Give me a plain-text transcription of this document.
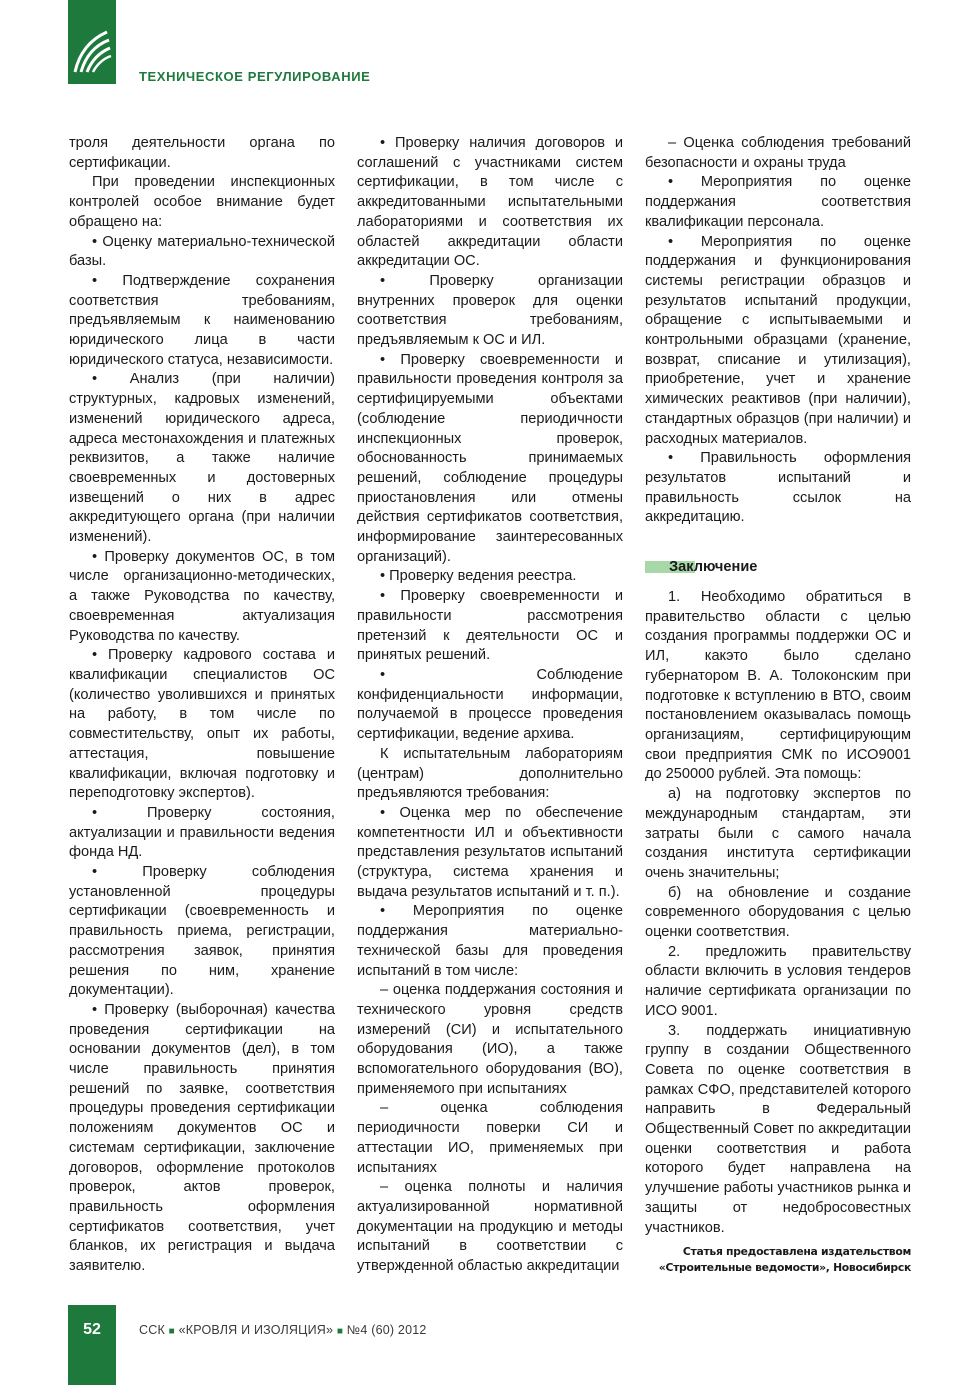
ТЕХНИЧЕСКОЕ РЕГУЛИРОВАНИЕ

троля деятельности органа по сертификации.

При проведении инспекционных контролей особое внимание будет обращено на:

• Оценку материально-технической базы.

• Подтверждение сохранения соответствия требованиям, предъявляемым к наименованию юридического лица в части юридического статуса, независимости.

• Анализ (при наличии) структурных, кадровых изменений, изменений юридического адреса, адреса местонахождения и платежных реквизитов, а также наличие своевременных и достоверных извещений о них в адрес аккредитующего органа (при наличии изменений).

• Проверку документов ОС, в том числе организационно-методических, а также Руководства по качеству, своевременная актуализация Руководства по качеству.

• Проверку кадрового состава и квалификации специалистов ОС (количество уволившихся и принятых на работу, в том числе по совместительству, опыт их работы, аттестация, повышение квалификации, включая подготовку и переподготовку экспертов).

• Проверку состояния, актуализации и правильности ведения фонда НД.

• Проверку соблюдения установленной процедуры сертификации (своевременность и правильность приема, регистрации, рассмотрения заявок, принятия решения по ним, хранение документации).

• Проверку (выборочная) качества проведения сертификации на основании документов (дел), в том числе правильность принятия решений по заявке, соответствия процедуры проведения сертификации положениям документов ОС и системам сертификации, заключение договоров, оформление протоколов проверок, актов проверок, правильность оформления сертификатов соответствия, учет бланков, их регистрация и выдача заявителю.

• Проверку наличия договоров и соглашений с участниками систем сертификации, в том числе с аккредитованными испытательными лабораториями и соответствия их областей аккредитации области аккредитации ОС.

• Проверку организации внутренних проверок для оценки соответствия требованиям, предъявляемым к ОС и ИЛ.

• Проверку своевременности и правильности проведения контроля за сертифицируемыми объектами (соблюдение периодичности инспекционных проверок, обоснованность принимаемых решений, соблюдение процедуры приостановления или отмены действия сертификатов соответствия, информирование заинтересованных организаций).

• Проверку ведения реестра.

• Проверку своевременности и правильности рассмотрения претензий к деятельности ОС и принятых решений.

• Соблюдение конфиденциальности информации, получаемой в процессе проведения сертификации, ведение архива.

К испытательным лабораториям (центрам) дополнительно предъявляются требования:

• Оценка мер по обеспечение компетентности ИЛ и объективности представления результатов испытаний (структура, система хранения и выдача результатов испытаний и т. п.).

• Мероприятия по оценке поддержания материально-технической базы для проведения испытаний в том числе:

– оценка поддержания состояния и технического уровня средств измерений (СИ) и испытательного оборудования (ИО), а также вспомогательного оборудования (ВО), применяемого при испытаниях

– оценка соблюдения периодичности поверки СИ и аттестации ИО, применяемых при испытаниях

– оценка полноты и наличия актуализированной нормативной документации на продукцию и методы испытаний в соответствии с утвержденной областью аккредитации

– Оценка соблюдения требований безопасности и охраны труда

• Мероприятия по оценке поддержания соответствия квалификации персонала.

• Мероприятия по оценке поддержания и функционирования системы регистрации образцов и результатов испытаний продукции, обращение с испытываемыми и контрольными образцами (хранение, возврат, списание и утилизация), приобретение, учет и хранение химических реактивов (при наличии), стандартных образцов (при наличии) и расходных материалов.

• Правильность оформления результатов испытаний и правильность ссылок на аккредитацию.

Заключение

1. Необходимо обратиться в правительство области с целью создания программы поддержки ОС и ИЛ, какэто было сделано губернатором В. А. Толоконским при подготовке к вступлению в ВТО, своим постановлением оказывалась помощь организациям, сертифицирующим свои предприятия СМК по ИСО9001 до 250000 рублей. Эта помощь:

а) на подготовку экспертов по международным стандартам, эти затраты были с самого начала создания института сертификации очень значительны;

б) на обновление и создание современного оборудования с целью оценки соответствия.

2. предложить правительству области включить в условия тендеров наличие сертификата организации по ИСО 9001.

3. поддержать инициативную группу в создании Общественного Совета по оценке соответствия в рамках СФО, представителей которого направить в Федеральный Общественный Совет по аккредитации оценки соответствия и работа которого будет направлена на улучшение работы участников рынка и защиты от недобросовестных участников.

Статья предоставлена издательством
«Строительные ведомости», Новосибирск
52	ССК ■ «КРОВЛЯ И ИЗОЛЯЦИЯ» ■ №4 (60) 2012
